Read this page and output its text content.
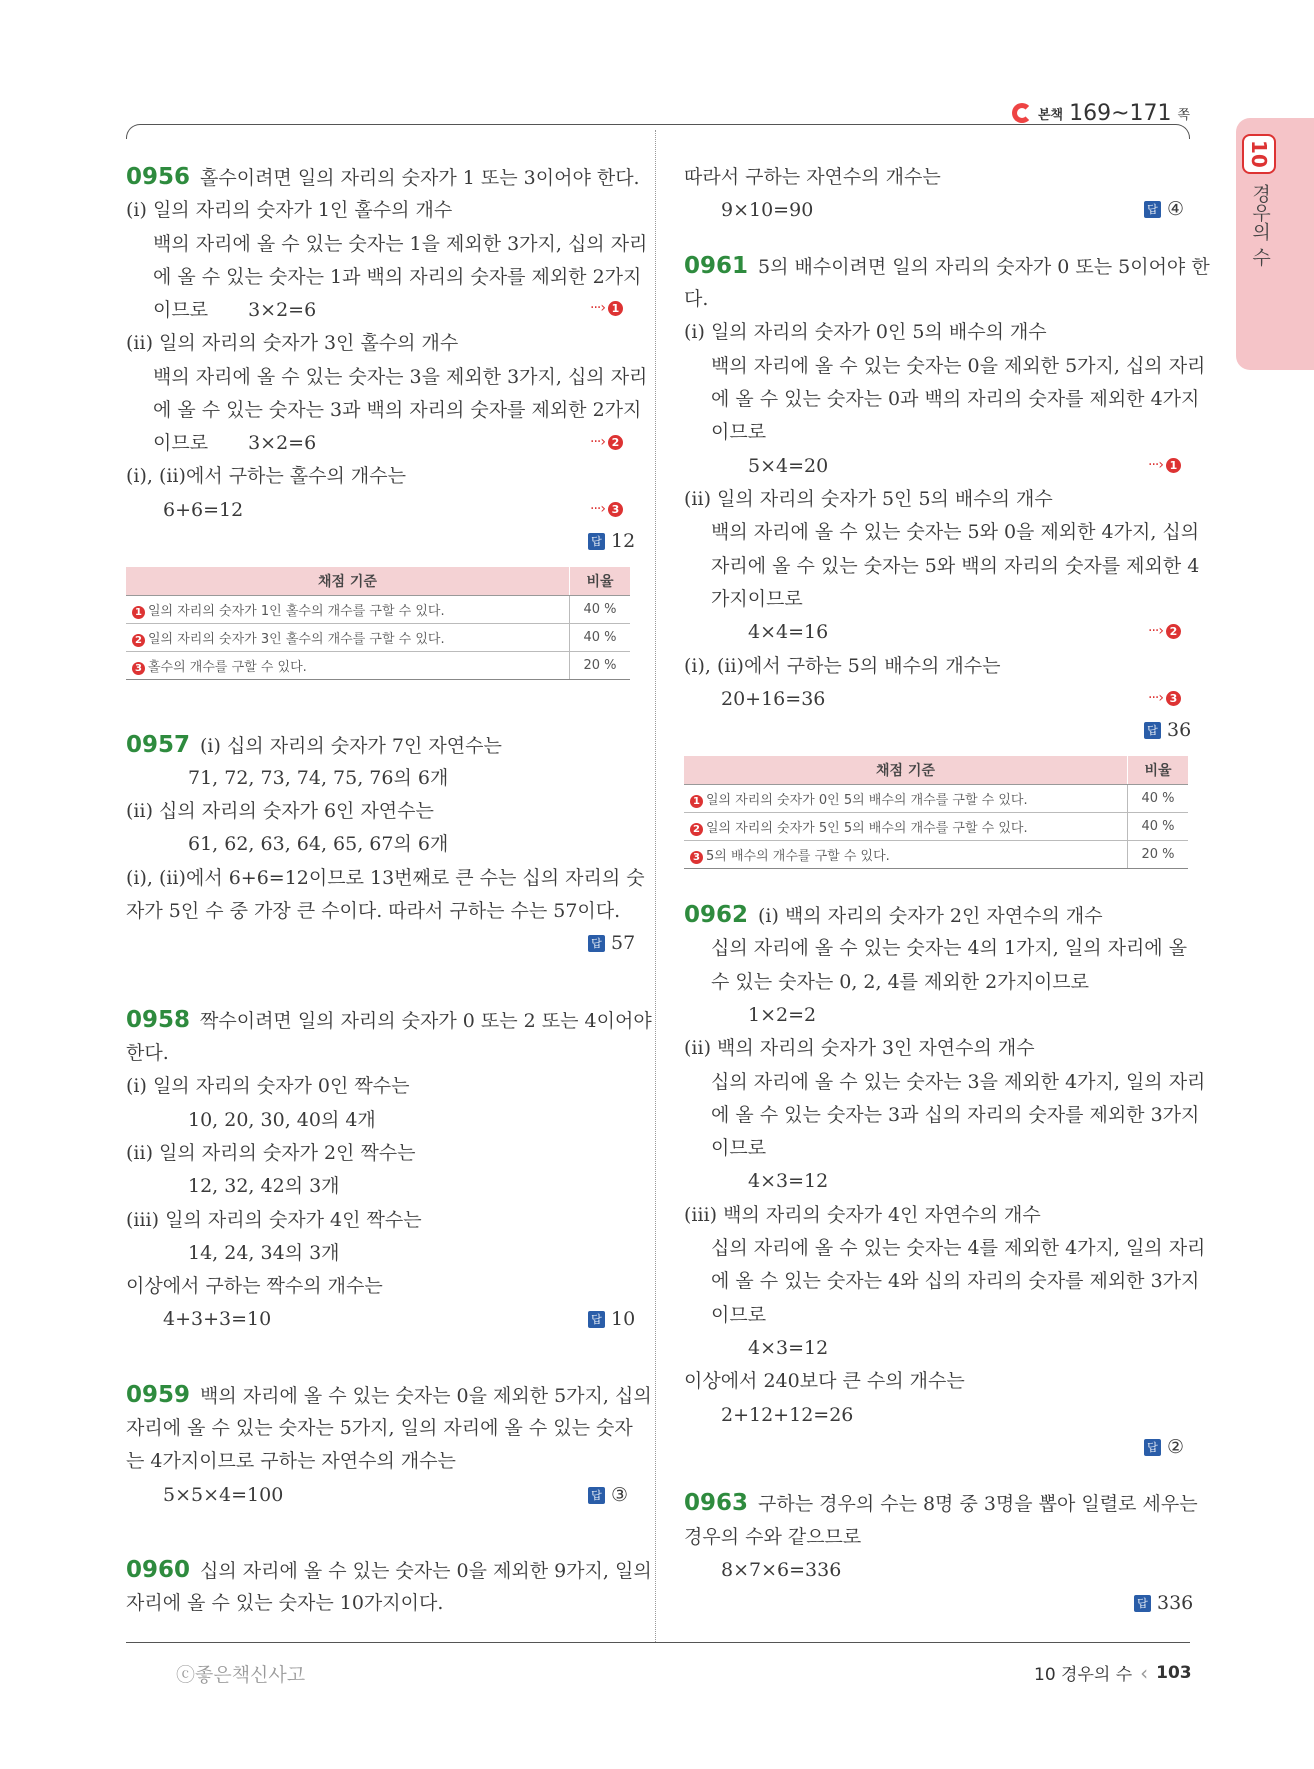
본책 169~171 쪽
10
경우의 수
0956 홀수이려면 일의 자리의 숫자가 1 또는 3이어야 한다.
(ⅰ) 일의 자리의 숫자가 1인 홀수의 개수
백의 자리에 올 수 있는 숫자는 1을 제외한 3가지, 십의 자리
에 올 수 있는 숫자는 1과 백의 자리의 숫자를 제외한 2가지
이므로 3×2=6	···› 1
(ⅱ) 일의 자리의 숫자가 3인 홀수의 개수
백의 자리에 올 수 있는 숫자는 3을 제외한 3가지, 십의 자리
에 올 수 있는 숫자는 3과 백의 자리의 숫자를 제외한 2가지
이므로 3×2=6	···› 2
(ⅰ), (ⅱ)에서 구하는 홀수의 개수는
6+6=12	···› 3
답 12
채점 기준	비율
1 일의 자리의 숫자가 1인 홀수의 개수를 구할 수 있다.	40 %
2 일의 자리의 숫자가 3인 홀수의 개수를 구할 수 있다.	40 %
3 홀수의 개수를 구할 수 있다.	20 %
0957 (ⅰ) 십의 자리의 숫자가 7인 자연수는
71, 72, 73, 74, 75, 76의 6개
(ⅱ) 십의 자리의 숫자가 6인 자연수는
61, 62, 63, 64, 65, 67의 6개
(ⅰ), (ⅱ)에서 6+6=12이므로 13번째로 큰 수는 십의 자리의 숫
자가 5인 수 중 가장 큰 수이다. 따라서 구하는 수는 57이다.
답 57
0958 짝수이려면 일의 자리의 숫자가 0 또는 2 또는 4이어야
한다.
(ⅰ) 일의 자리의 숫자가 0인 짝수는
10, 20, 30, 40의 4개
(ⅱ) 일의 자리의 숫자가 2인 짝수는
12, 32, 42의 3개
(ⅲ) 일의 자리의 숫자가 4인 짝수는
14, 24, 34의 3개
이상에서 구하는 짝수의 개수는
4+3+3=10	답 10
0959 백의 자리에 올 수 있는 숫자는 0을 제외한 5가지, 십의
자리에 올 수 있는 숫자는 5가지, 일의 자리에 올 수 있는 숫자
는 4가지이므로 구하는 자연수의 개수는
5×5×4=100	답 ③
0960 십의 자리에 올 수 있는 숫자는 0을 제외한 9가지, 일의
자리에 올 수 있는 숫자는 10가지이다.
따라서 구하는 자연수의 개수는
9×10=90	답 ④
0961 5의 배수이려면 일의 자리의 숫자가 0 또는 5이어야 한
다.
(ⅰ) 일의 자리의 숫자가 0인 5의 배수의 개수
백의 자리에 올 수 있는 숫자는 0을 제외한 5가지, 십의 자리
에 올 수 있는 숫자는 0과 백의 자리의 숫자를 제외한 4가지
이므로
5×4=20	···› 1
(ⅱ) 일의 자리의 숫자가 5인 5의 배수의 개수
백의 자리에 올 수 있는 숫자는 5와 0을 제외한 4가지, 십의
자리에 올 수 있는 숫자는 5와 백의 자리의 숫자를 제외한 4
가지이므로
4×4=16	···› 2
(ⅰ), (ⅱ)에서 구하는 5의 배수의 개수는
20+16=36	···› 3
답 36
채점 기준	비율
1 일의 자리의 숫자가 0인 5의 배수의 개수를 구할 수 있다.	40 %
2 일의 자리의 숫자가 5인 5의 배수의 개수를 구할 수 있다.	40 %
3 5의 배수의 개수를 구할 수 있다.	20 %
0962 (ⅰ) 백의 자리의 숫자가 2인 자연수의 개수
십의 자리에 올 수 있는 숫자는 4의 1가지, 일의 자리에 올
수 있는 숫자는 0, 2, 4를 제외한 2가지이므로
1×2=2
(ⅱ) 백의 자리의 숫자가 3인 자연수의 개수
십의 자리에 올 수 있는 숫자는 3을 제외한 4가지, 일의 자리
에 올 수 있는 숫자는 3과 십의 자리의 숫자를 제외한 3가지
이므로
4×3=12
(ⅲ) 백의 자리의 숫자가 4인 자연수의 개수
십의 자리에 올 수 있는 숫자는 4를 제외한 4가지, 일의 자리
에 올 수 있는 숫자는 4와 십의 자리의 숫자를 제외한 3가지
이므로
4×3=12
이상에서 240보다 큰 수의 개수는
2+12+12=26
답 ②
0963 구하는 경우의 수는 8명 중 3명을 뽑아 일렬로 세우는
경우의 수와 같으므로
8×7×6=336
답 336
ⓒ좋은책신사고	10 경우의 수 ‹ 103
